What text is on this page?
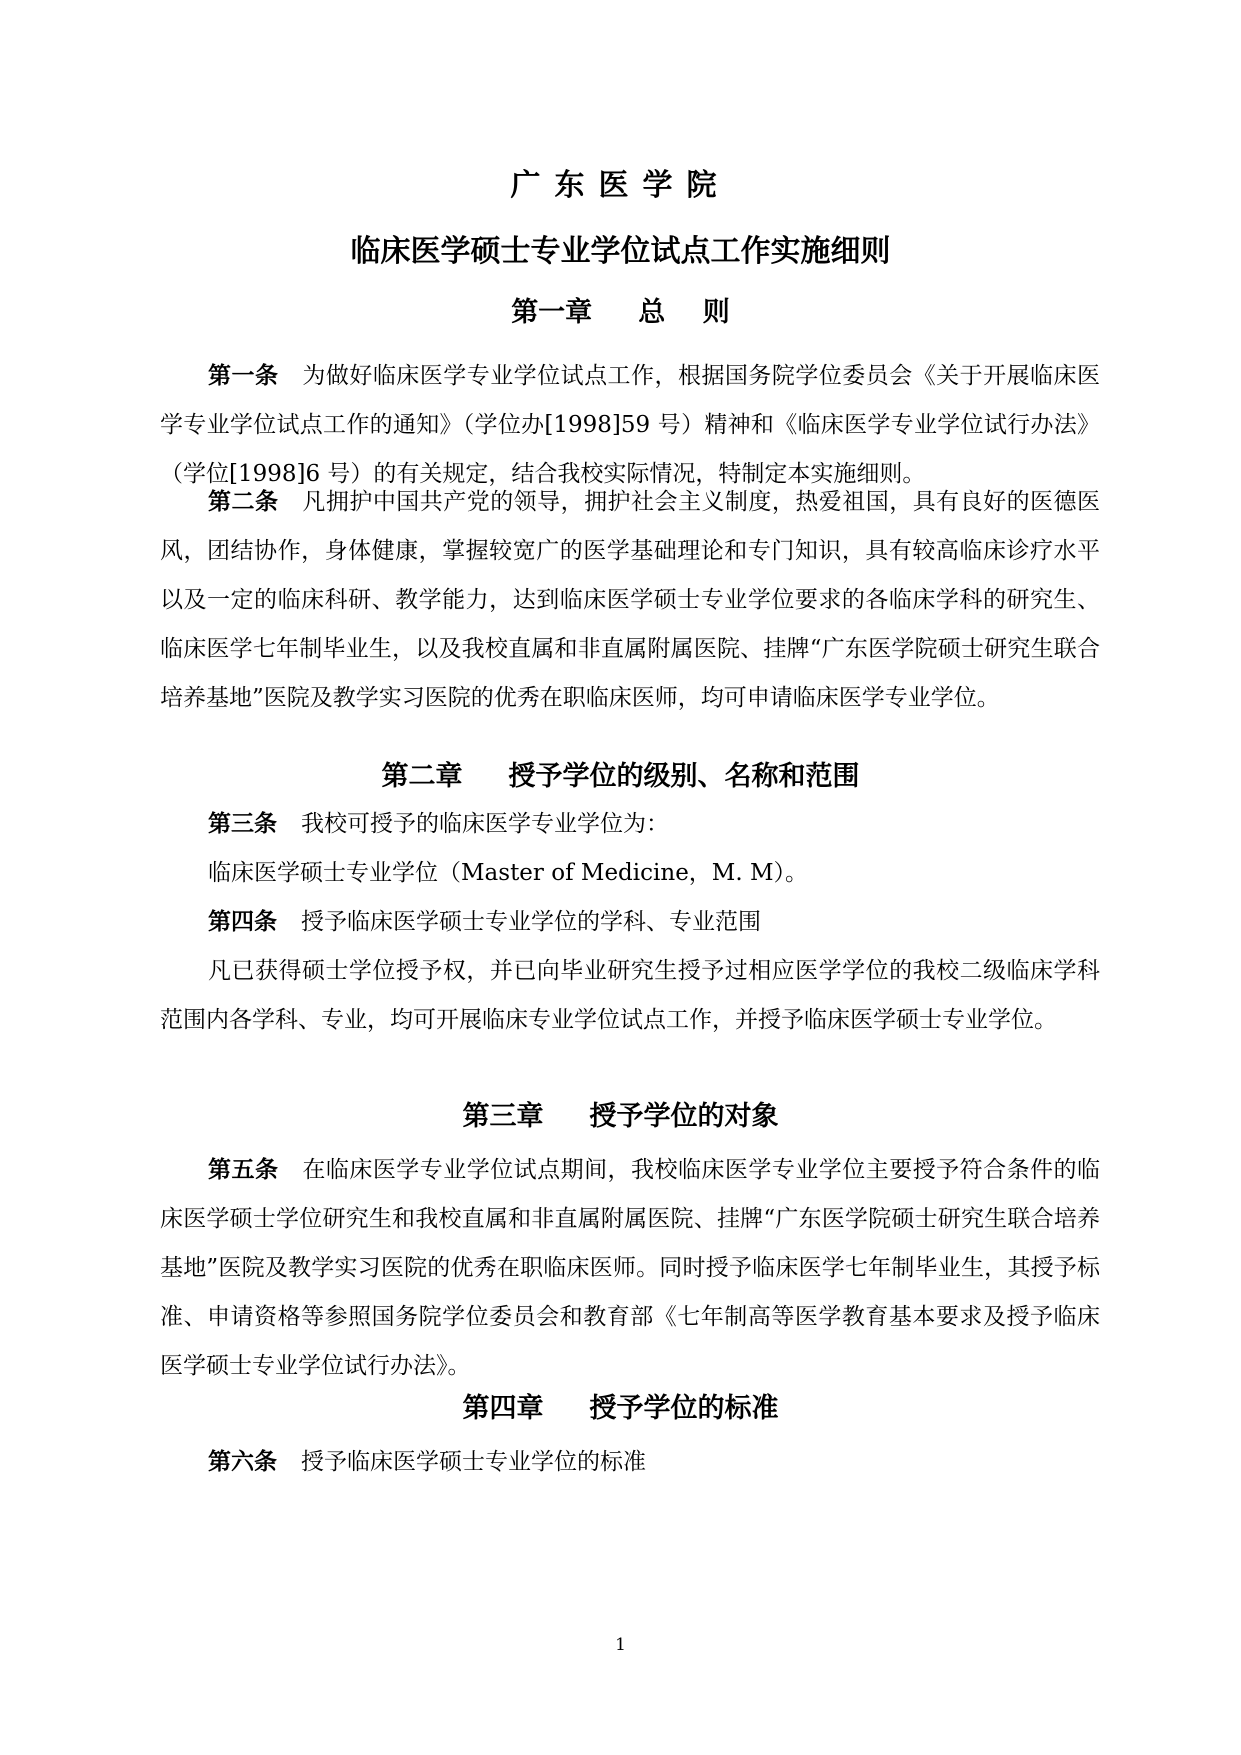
广东医学院
临床医学硕士专业学位试点工作实施细则
第一章 总    则
第一条 为做好临床医学专业学位试点工作，根据国务院学位委员会《关于开展临床医学专业学位试点工作的通知》（学位办[1998]59 号）精神和《临床医学专业学位试行办法》（学位[1998]6 号）的有关规定，结合我校实际情况，特制定本实施细则。
第二条 凡拥护中国共产党的领导，拥护社会主义制度，热爱祖国，具有良好的医德医风，团结协作，身体健康，掌握较宽广的医学基础理论和专门知识，具有较高临床诊疗水平以及一定的临床科研、教学能力，达到临床医学硕士专业学位要求的各临床学科的研究生、临床医学七年制毕业生，以及我校直属和非直属附属医院、挂牌“广东医学院硕士研究生联合培养基地”医院及教学实习医院的优秀在职临床医师，均可申请临床医学专业学位。
第二章 授予学位的级别、名称和范围
第三条 我校可授予的临床医学专业学位为：
临床医学硕士专业学位（Master of Medicine，M. M）。
第四条 授予临床医学硕士专业学位的学科、专业范围
凡已获得硕士学位授予权，并已向毕业研究生授予过相应医学学位的我校二级临床学科范围内各学科、专业，均可开展临床专业学位试点工作，并授予临床医学硕士专业学位。
第三章 授予学位的对象
第五条 在临床医学专业学位试点期间，我校临床医学专业学位主要授予符合条件的临床医学硕士学位研究生和我校直属和非直属附属医院、挂牌“广东医学院硕士研究生联合培养基地”医院及教学实习医院的优秀在职临床医师。同时授予临床医学七年制毕业生，其授予标准、申请资格等参照国务院学位委员会和教育部《七年制高等医学教育基本要求及授予临床医学硕士专业学位试行办法》。
第四章 授予学位的标准
第六条 授予临床医学硕士专业学位的标准
1
